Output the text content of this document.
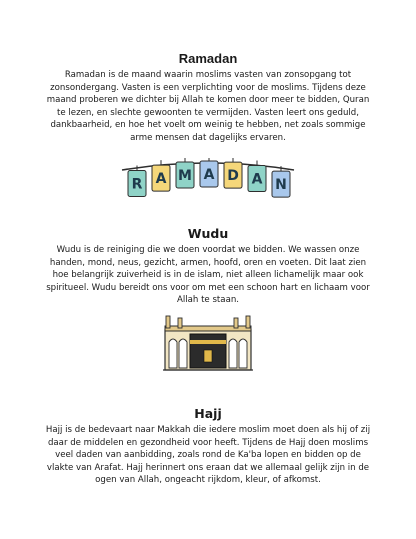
Ramadan

Ramadan is de maand waarin moslims vasten van zonsopgang tot zonsondergang. Vasten is een verplichting voor de moslims. Tijdens deze maand proberen we dichter bij Allah te komen door meer te bidden, Quran te lezen, en slechte gewoonten te vermijden. Vasten leert ons geduld, dankbaarheid, en hoe het voelt om weinig te hebben, net zoals sommige arme mensen dat dagelijks ervaren.

R A M A D A N
Wudu

Wudu is de reiniging die we doen voordat we bidden. We wassen onze handen, mond, neus, gezicht, armen, hoofd, oren en voeten. Dit laat zien hoe belangrijk zuiverheid is in de islam, niet alleen lichamelijk maar ook spiritueel. Wudu bereidt ons voor om met een schoon hart en lichaam voor Allah te staan.

Hajj

Hajj is de bedevaart naar Makkah die iedere moslim moet doen als hij of zij daar de middelen en gezondheid voor heeft. Tijdens de Hajj doen moslims veel daden van aanbidding, zoals rond de Ka'ba lopen en bidden op de vlakte van Arafat. Hajj herinnert ons eraan dat we allemaal gelijk zijn in de ogen van Allah, ongeacht rijkdom, kleur, of afkomst.
